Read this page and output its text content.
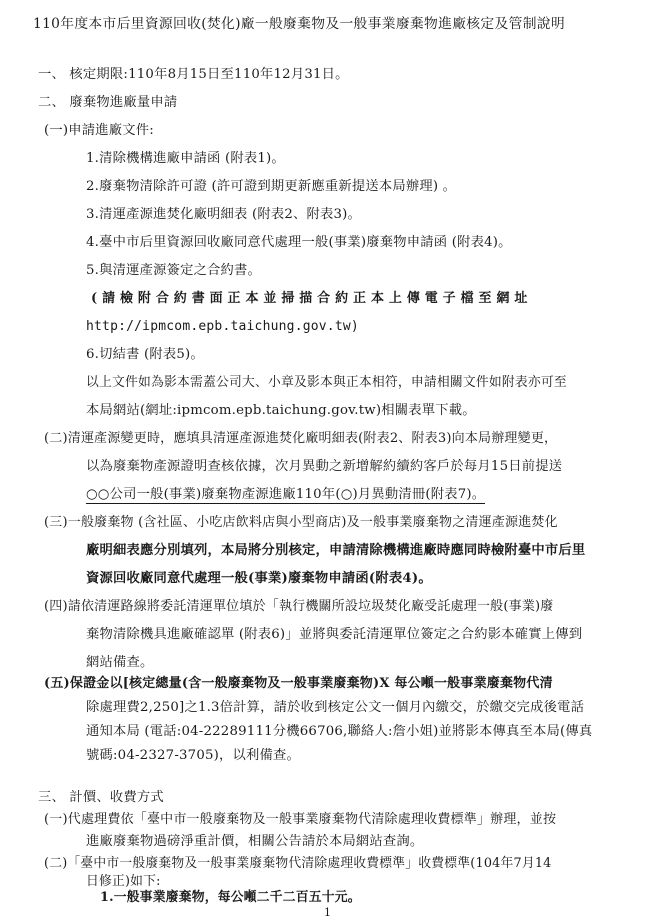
110年度本市后里資源回收(焚化)廠一般廢棄物及一般事業廢棄物進廠核定及管制說明
一、 核定期限:110年8月15日至110年12月31日。
二、 廢棄物進廠量申請
(一)申請進廠文件:
1.清除機構進廠申請函 (附表1)。
2.廢棄物清除許可證 (許可證到期更新應重新提送本局辦理) 。
3.清運產源進焚化廠明細表 (附表2、附表3)。
4.臺中市后里資源回收廠同意代處理一般(事業)廢棄物申請函 (附表4)。
5.與清運產源簽定之合約書。
( 請 檢 附 合 約 書 面 正 本 並 掃 描 合 約 正 本 上 傳 電 子 檔 至 網 址
http://ipmcom.epb.taichung.gov.tw)
6.切結書 (附表5)。
以上文件如為影本需蓋公司大、小章及影本與正本相符，申請相關文件如附表亦可至
本局網站(網址:ipmcom.epb.taichung.gov.tw)相關表單下載。
(二)清運產源變更時，應填具清運產源進焚化廠明細表(附表2、附表3)向本局辦理變更，
以為廢棄物產源證明查核依據，次月異動之新增解約續約客戶於每月15日前提送
○○公司一般(事業)廢棄物產源進廠110年(○)月異動清冊(附表7)。
(三)一般廢棄物 (含社區、小吃店飲料店與小型商店)及一般事業廢棄物之清運產源進焚化
廠明細表應分別填列，本局將分別核定，申請清除機構進廠時應同時檢附臺中市后里
資源回收廠同意代處理一般(事業)廢棄物申請函(附表4)。
(四)請依清運路線將委託清運單位填於「執行機關所設垃圾焚化廠受託處理一般(事業)廢
棄物清除機具進廠確認單 (附表6)」並將與委託清運單位簽定之合約影本確實上傳到
網站備查。
(五)保證金以[核定總量(含一般廢棄物及一般事業廢棄物)X 每公噸一般事業廢棄物代清
除處理費2,250]之1.3倍計算，請於收到核定公文一個月內繳交，於繳交完成後電話
通知本局 (電話:04-22289111分機66706,聯絡人:詹小姐)並將影本傳真至本局(傳真
號碼:04-2327-3705)，以利備查。
三、 計價、收費方式
(一)代處理費依「臺中市一般廢棄物及一般事業廢棄物代清除處理收費標準」辦理，並按
進廠廢棄物過磅淨重計價，相關公告請於本局網站查詢。
1
(二)「臺中市一般廢棄物及一般事業廢棄物代清除處理收費標準」收費標準(104年7月14
日修正)如下:
1.一般事業廢棄物，每公噸二千二百五十元。
